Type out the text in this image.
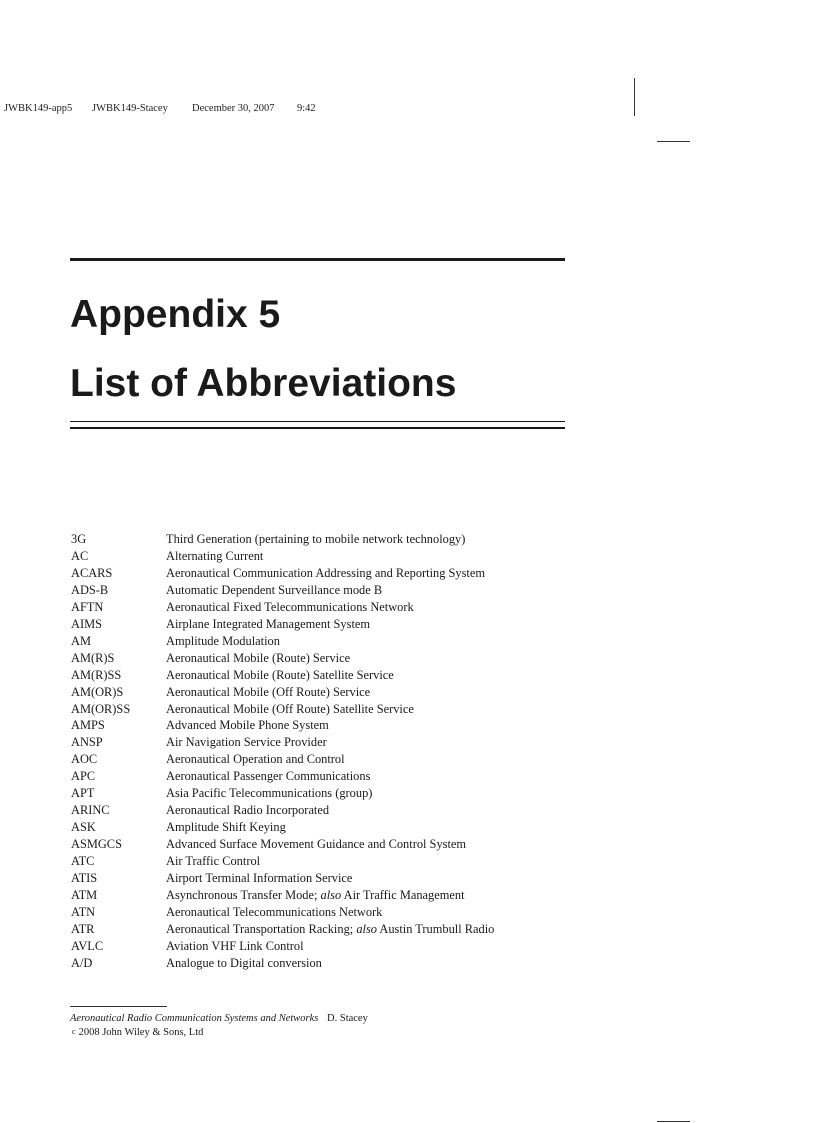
JWBK149-app5 JWBK149-Stacey December 30, 2007 9:42
Appendix 5
List of Abbreviations
3G	Third Generation (pertaining to mobile network technology)
AC	Alternating Current
ACARS	Aeronautical Communication Addressing and Reporting System
ADS-B	Automatic Dependent Surveillance mode B
AFTN	Aeronautical Fixed Telecommunications Network
AIMS	Airplane Integrated Management System
AM	Amplitude Modulation
AM(R)S	Aeronautical Mobile (Route) Service
AM(R)SS	Aeronautical Mobile (Route) Satellite Service
AM(OR)S	Aeronautical Mobile (Off Route) Service
AM(OR)SS	Aeronautical Mobile (Off Route) Satellite Service
AMPS	Advanced Mobile Phone System
ANSP	Air Navigation Service Provider
AOC	Aeronautical Operation and Control
APC	Aeronautical Passenger Communications
APT	Asia Pacific Telecommunications (group)
ARINC	Aeronautical Radio Incorporated
ASK	Amplitude Shift Keying
ASMGCS	Advanced Surface Movement Guidance and Control System
ATC	Air Traffic Control
ATIS	Airport Terminal Information Service
ATM	Asynchronous Transfer Mode; also Air Traffic Management
ATN	Aeronautical Telecommunications Network
ATR	Aeronautical Transportation Racking; also Austin Trumbull Radio
AVLC	Aviation VHF Link Control
A/D	Analogue to Digital conversion
Aeronautical Radio Communication Systems and Networks D. Stacey
c 2008 John Wiley & Sons, Ltd
